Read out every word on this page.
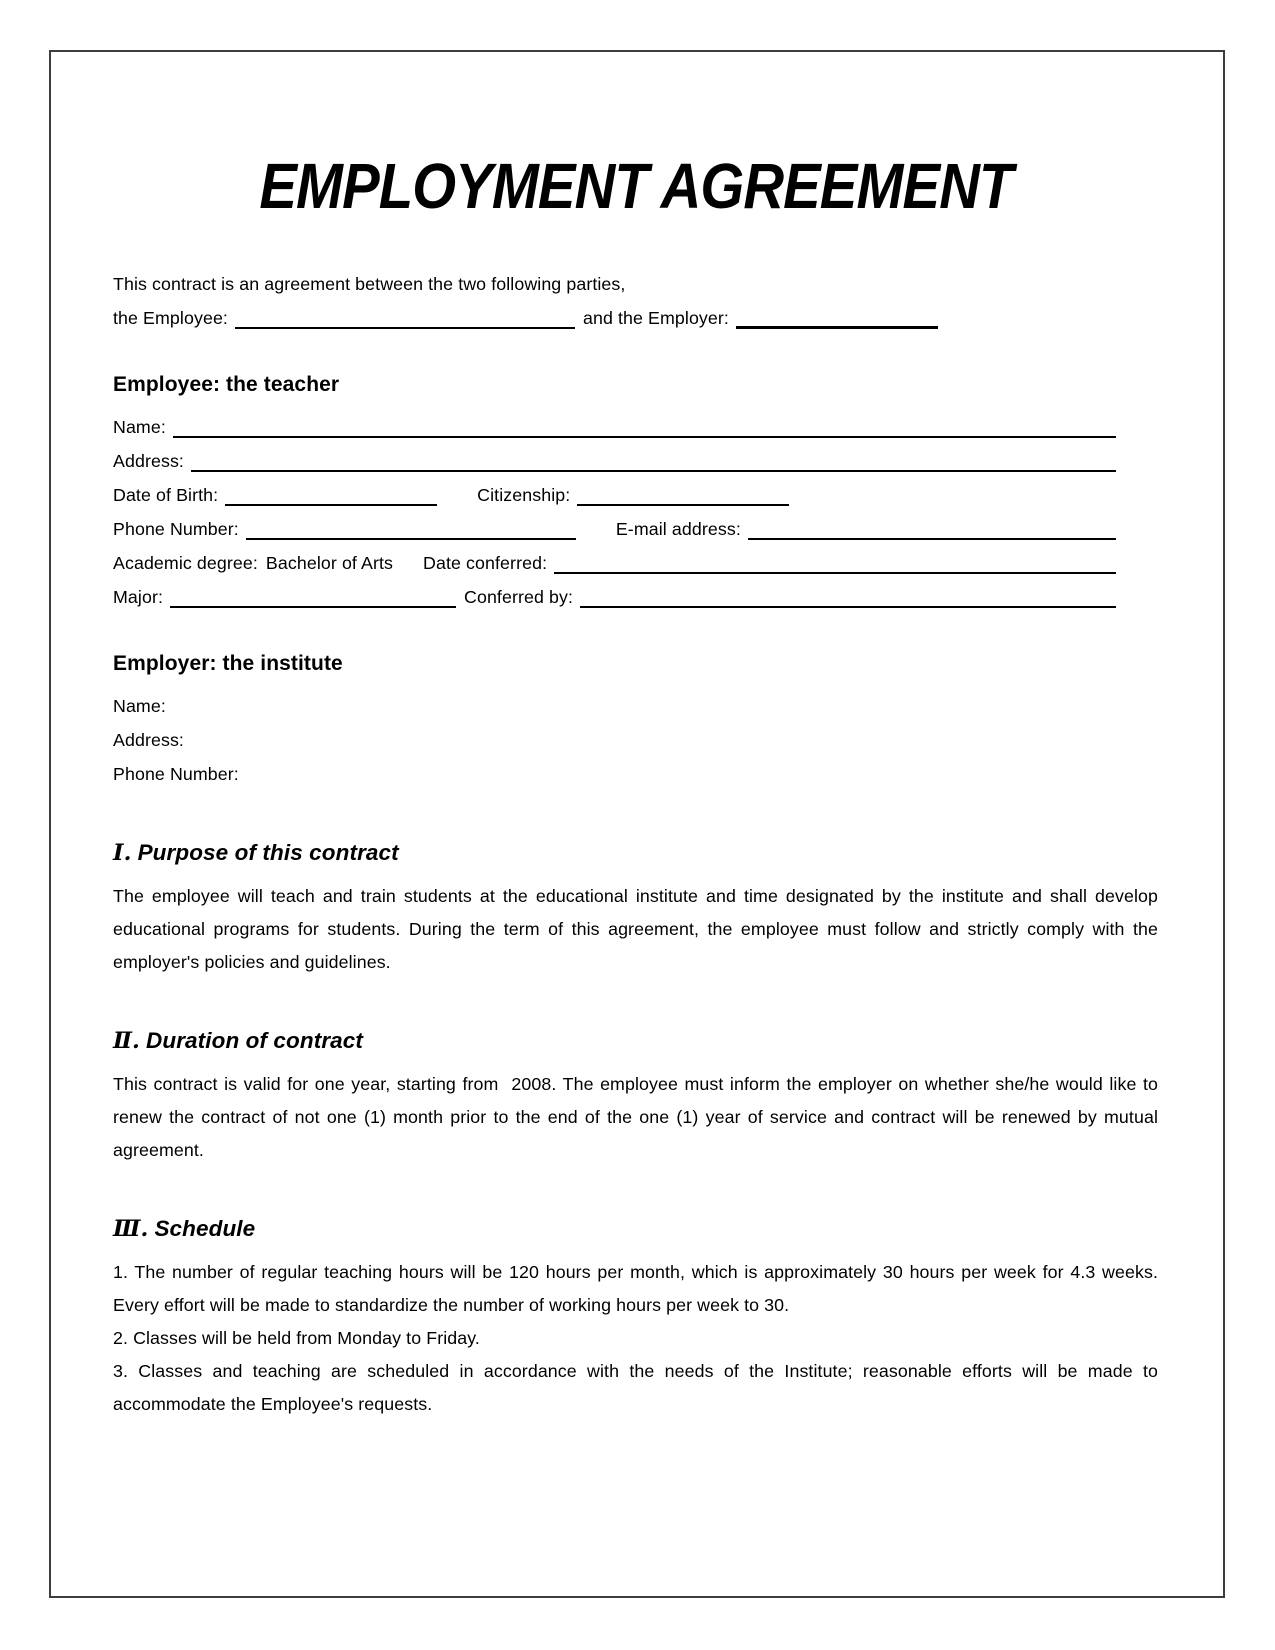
EMPLOYMENT AGREEMENT

This contract is an agreement between the two following parties,

the Employee:	and the Employer:
Employee: the teacher
Name:
Address:
Date of Birth:	Citizenship:
Phone Number:	E-mail address:
Academic degree: Bachelor of Arts Date conferred:
Major:	Conferred by:
Employer: the institute

Name:

Address:

Phone Number:

Ⅰ. Purpose of this contract

The employee will teach and train students at the educational institute and time designated by the institute and shall develop educational programs for students. During the term of this agreement, the employee must follow and strictly comply with the employer's policies and guidelines.

Ⅱ. Duration of contract

This contract is valid for one year, starting from  2008. The employee must inform the employer on whether she/he would like to renew the contract of not one (1) month prior to the end of the one (1) year of service and contract will be renewed by mutual agreement.

Ⅲ. Schedule

1. The number of regular teaching hours will be 120 hours per month, which is approximately 30 hours per week for 4.3 weeks. Every effort will be made to standardize the number of working hours per week to 30.

2. Classes will be held from Monday to Friday.

3. Classes and teaching are scheduled in accordance with the needs of the Institute; reasonable efforts will be made to accommodate the Employee's requests.
